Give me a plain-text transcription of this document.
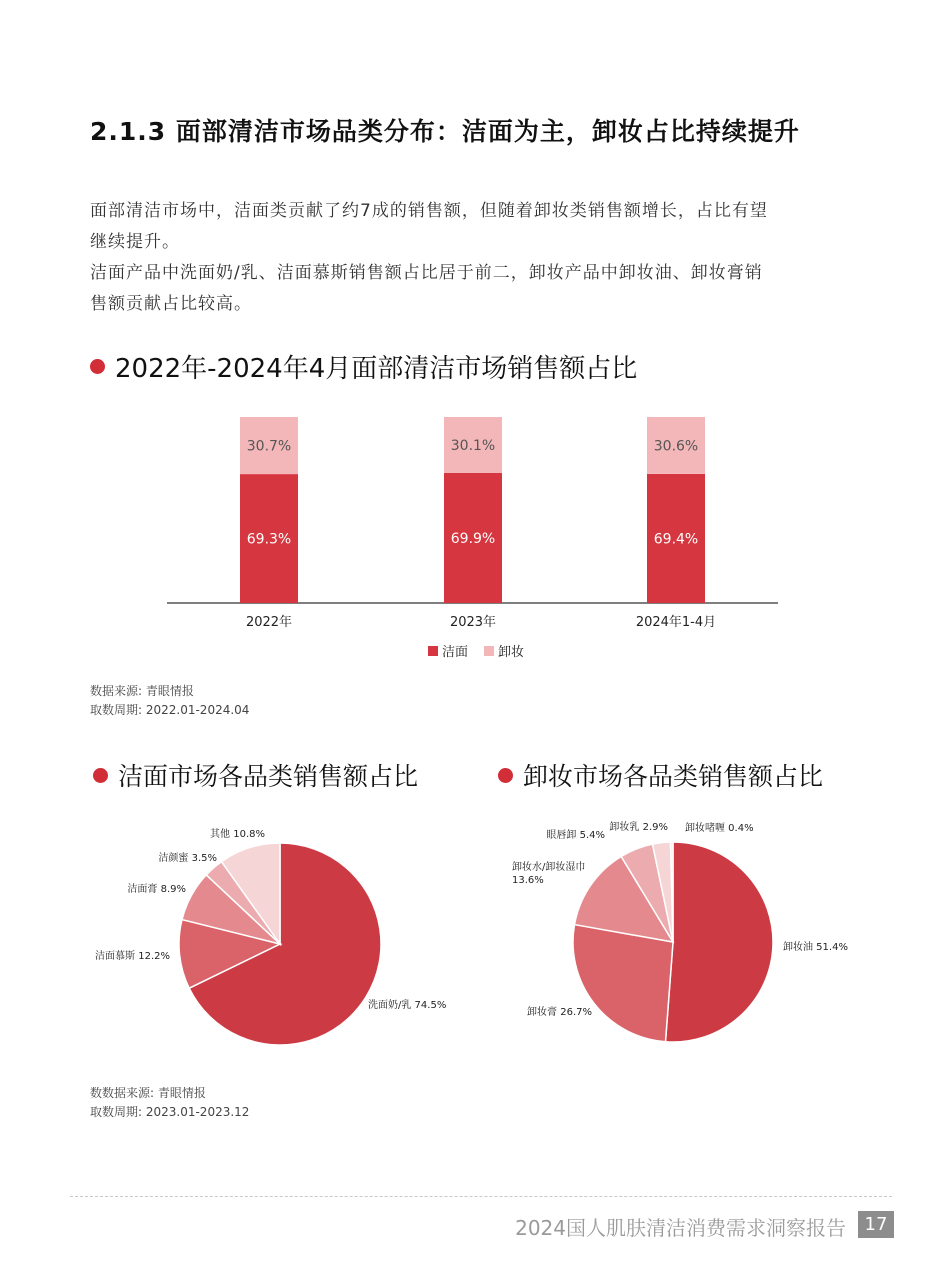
2.1.3 面部清洁市场品类分布：洁面为主，卸妆占比持续提升

面部清洁市场中，洁面类贡献了约7成的销售额，但随着卸妆类销售额增长，占比有望

继续提升。

洁面产品中洗面奶/乳、洁面慕斯销售额占比居于前二，卸妆产品中卸妆油、卸妆膏销

售额贡献占比较高。

2022年-2024年4月面部清洁市场销售额占比
69.3%
30.7%
2022年
69.9%
30.1%
2023年
69.4%
30.6%
2024年1-4月
洁面 卸妆
数据来源: 青眼情报
取数周期: 2022.01-2024.04
洁面市场各品类销售额占比	卸妆市场各品类销售额占比
洗面奶/乳 74.5%
洁面慕斯 12.2%
洁面膏 8.9%
洁颜蜜 3.5%
其他 10.8%
卸妆油 51.4%
卸妆膏 26.7%
卸妆水/卸妆湿巾
13.6%
眼唇卸 5.4%
卸妆乳 2.9% 卸妆啫喱 0.4%
数数据来源: 青眼情报
取数周期: 2023.01-2023.12
2024国人肌肤清洁消费需求洞察报告	17
